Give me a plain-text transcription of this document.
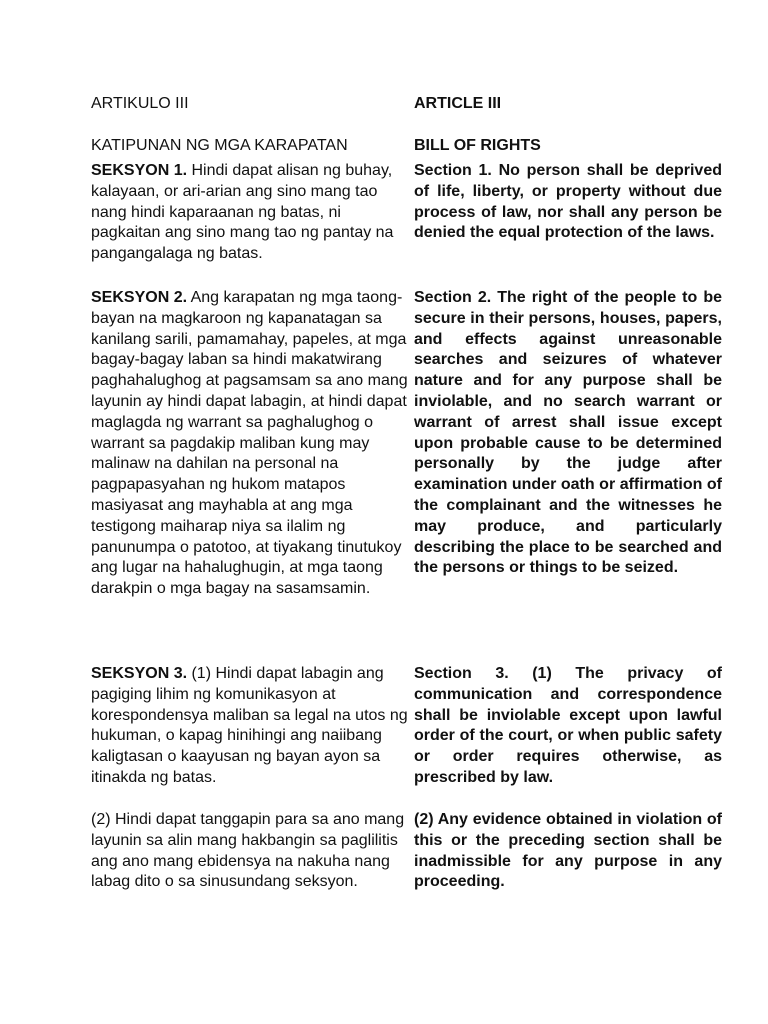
ARTIKULO III

KATIPUNAN NG MGA KARAPATAN

SEKSYON 1. Hindi dapat alisan ng buhay, kalayaan, or ari-arian ang sino mang tao nang hindi kaparaanan ng batas, ni pagkaitan ang sino mang tao ng pantay na pangangalaga ng batas.

SEKSYON 2. Ang karapatan ng mga taong-bayan na magkaroon ng kapanatagan sa kanilang sarili, pamamahay, papeles, at mga bagay-bagay laban sa hindi makatwirang paghahalughog at pagsamsam sa ano mang layunin ay hindi dapat labagin, at hindi dapat maglagda ng warrant sa paghalughog o warrant sa pagdakip maliban kung may malinaw na dahilan na personal na pagpapasyahan ng hukom matapos masiyasat ang mayhabla at ang mga testigong maiharap niya sa ilalim ng panunumpa o patotoo, at tiyakang tinutukoy ang lugar na hahalughugin, at mga taong darakpin o mga bagay na sasamsamin.

SEKSYON 3. (1) Hindi dapat labagin ang pagiging lihim ng komunikasyon at korespondensya maliban sa legal na utos ng hukuman, o kapag hinihingi ang naiibang kaligtasan o kaayusan ng bayan ayon sa itinakda ng batas.

(2) Hindi dapat tanggapin para sa ano mang layunin sa alin mang hakbangin sa paglilitis ang ano mang ebidensya na nakuha nang labag dito o sa sinusundang seksyon.

ARTICLE III

BILL OF RIGHTS

Section 1. No person shall be deprived of life, liberty, or property without due process of law, nor shall any person be denied the equal protection of the laws.

Section 2. The right of the people to be secure in their persons, houses, papers, and effects against unreasonable searches and seizures of whatever nature and for any purpose shall be inviolable, and no search warrant or warrant of arrest shall issue except upon probable cause to be determined personally by the judge after examination under oath or affirmation of the complainant and the witnesses he may produce, and particularly describing the place to be searched and the persons or things to be seized.

Section 3. (1) The privacy of communication and correspondence shall be inviolable except upon lawful order of the court, or when public safety or order requires otherwise, as prescribed by law.

(2) Any evidence obtained in violation of this or the preceding section shall be inadmissible for any purpose in any proceeding.
